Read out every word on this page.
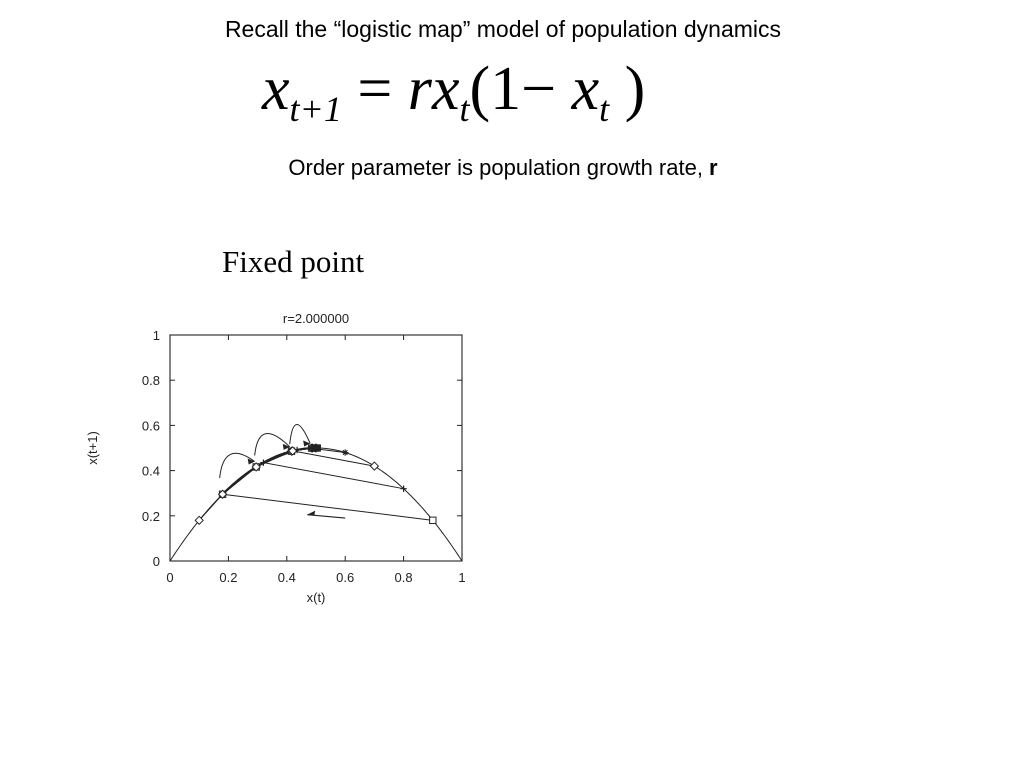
Recall the “logistic map” model of population dynamics
$x_{t+1} = rx_t(1- x_t$ )
Order parameter is population growth rate, r
Fixed point
r=2.000000
x(t)
x(t+1)
0	0.2	0.4	0.6	0.8	1
0
0.2
0.4
0.6
0.8
1
